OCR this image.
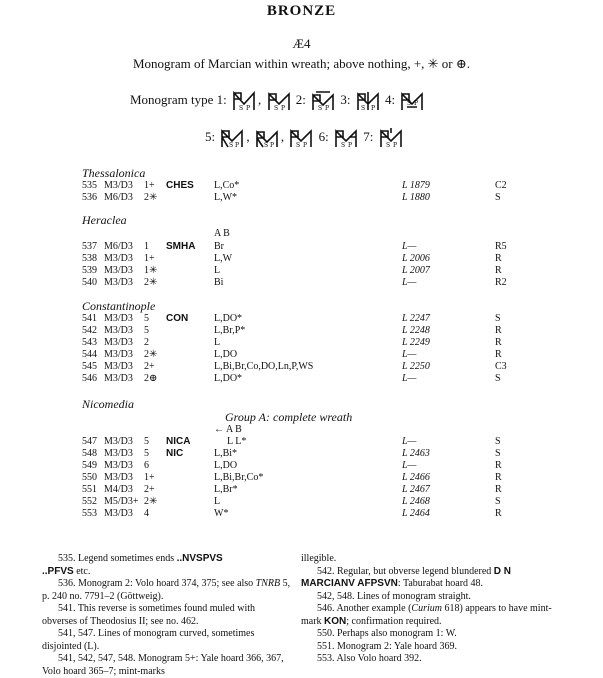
BRONZE
Æ4
Monogram of Marcian within wreath; above nothing, +, ✳ or ⊕.
Monogram type 1:
S P
,
S P
2:
S P
3:
S P
4: S P
5:
S P
,
S P
,
S P
6:
S P
7:
S P
Thessalonica
535 M3/D3 1+ CHES L,Co*	L 1879	C2
536 M6/D3 2✳	L,W*	L 1880	S
Heraclea
A B
537 M6/D3 1 SMHA Br	L—	R5
538 M3/D3 1+	L,W	L 2006	R
539 M3/D3 1✳	L	L 2007	R
540 M3/D3 2✳	Bi	L—	R2
Constantinople
541 M3/D3 5 CON	L,DO*	L 2247	S
542 M3/D3 5	L,Br,P*	L 2248	R
543 M3/D3 2	L	L 2249	R
544 M3/D3 2✳	L,DO	L—	R
545 M3/D3 2+	L,Bi,Br,Co,DO,Ln,P,WS	L 2250	C3
546 M3/D3 2⊕	L,DO*	L—	S
Nicomedia
Group A: complete wreath
← A B
L L*
547 M3/D3 5 NICA	L—	S
548 M3/D3 5 NIC	L,Bi*	L 2463	S
549 M3/D3 6	L,DO	L—	R
550 M3/D3 1+	L,Bi,Br,Co*	L 2466	R
551 M4/D3 2+	L,Br*	L 2467	R
552 M5/D3+ 2✳	L	L 2468	S
553 M3/D3 4	W*	L 2464	R

535. Legend sometimes ends ..NVSPVS
..PFVS etc.

536. Monogram 2: Volo hoard 374, 375; see also TNRB 5, p. 240 no. 7791–2 (Göttweig).

541. This reverse is sometimes found muled with obverses of Theodosius II; see no. 462.

541, 547. Lines of monogram curved, sometimes disjointed (L).

541, 542, 547, 548. Monogram 5+: Yale hoard 366, 367, Volo hoard 365–7; mint-marks

illegible.

542. Regular, but obverse legend blundered D N MARCIANV AFPSVN: Taburabat hoard 48.

542, 548. Lines of monogram straight.

546. Another example (Curium 618) appears to have mint-mark KON; confirmation required.

550. Perhaps also monogram 1: W.

551. Monogram 2: Yale hoard 369.

553. Also Volo hoard 392.
